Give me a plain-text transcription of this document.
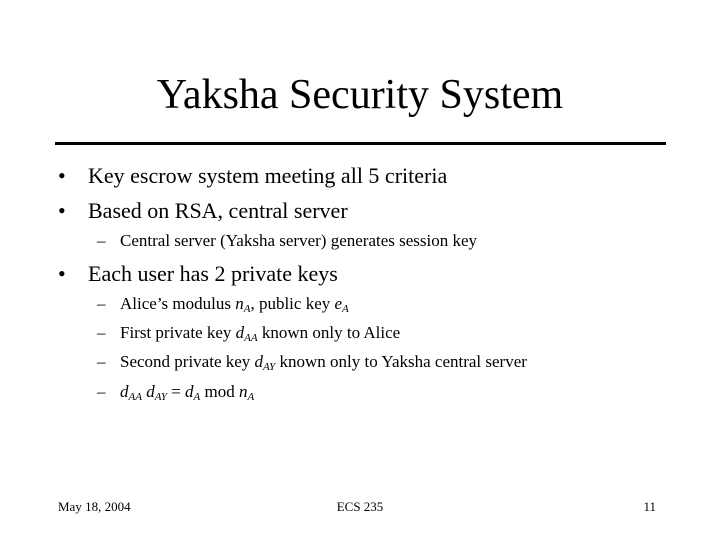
Yaksha Security System
• Key escrow system meeting all 5 criteria
• Based on RSA, central server
– Central server (Yaksha server) generates session key
• Each user has 2 private keys
– Alice’s modulus $n_A$, public key $e_A$
– First private key $d_{AA}$ known only to Alice
– Second private key $d_{AY}$ known only to Yaksha central server
– $d_{AA}$ $d_{AY} = d_A$ mod $n_A$
May 18, 2004	ECS 235	11
